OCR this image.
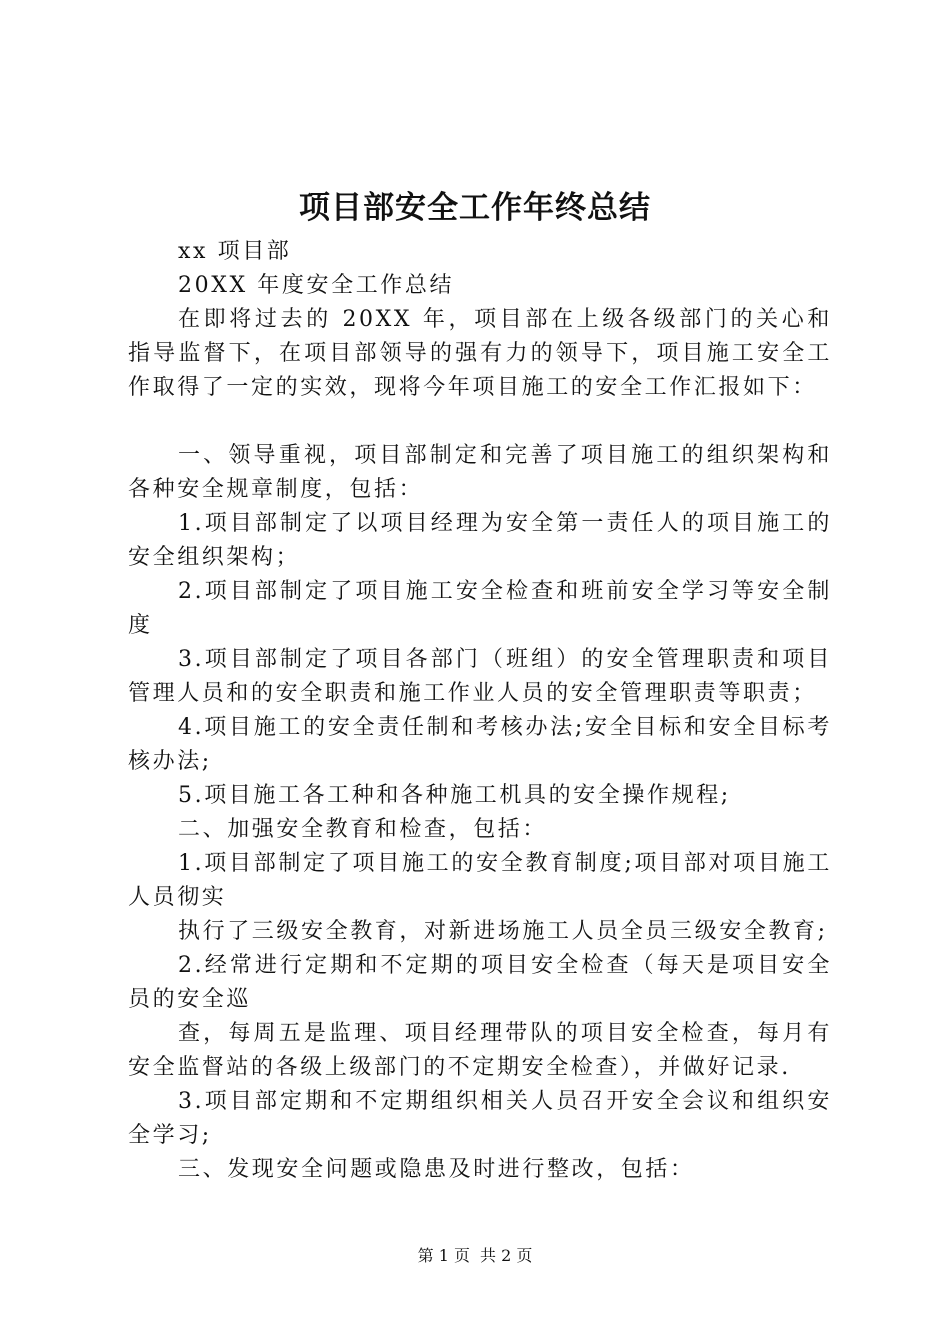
项目部安全工作年终总结

xx 项目部

20XX 年度安全工作总结

在即将过去的 20XX 年，项目部在上级各级部门的关心和指导监督下，在项目部领导的强有力的领导下，项目施工安全工作取得了一定的实效，现将今年项目施工的安全工作汇报如下：

一、领导重视，项目部制定和完善了项目施工的组织架构和各种安全规章制度，包括：

1.项目部制定了以项目经理为安全第一责任人的项目施工的安全组织架构；

2.项目部制定了项目施工安全检查和班前安全学习等安全制度

3.项目部制定了项目各部门（班组）的安全管理职责和项目管理人员和的安全职责和施工作业人员的安全管理职责等职责；

4.项目施工的安全责任制和考核办法;安全目标和安全目标考核办法;

5.项目施工各工种和各种施工机具的安全操作规程;

二、加强安全教育和检查，包括：

1.项目部制定了项目施工的安全教育制度;项目部对项目施工人员彻实

执行了三级安全教育，对新进场施工人员全员三级安全教育;

2.经常进行定期和不定期的项目安全检查（每天是项目安全员的安全巡

查，每周五是监理、项目经理带队的项目安全检查，每月有安全监督站的各级上级部门的不定期安全检查），并做好记录.

3.项目部定期和不定期组织相关人员召开安全会议和组织安全学习;

三、发现安全问题或隐患及时进行整改，包括：

第 1 页 共 2 页
